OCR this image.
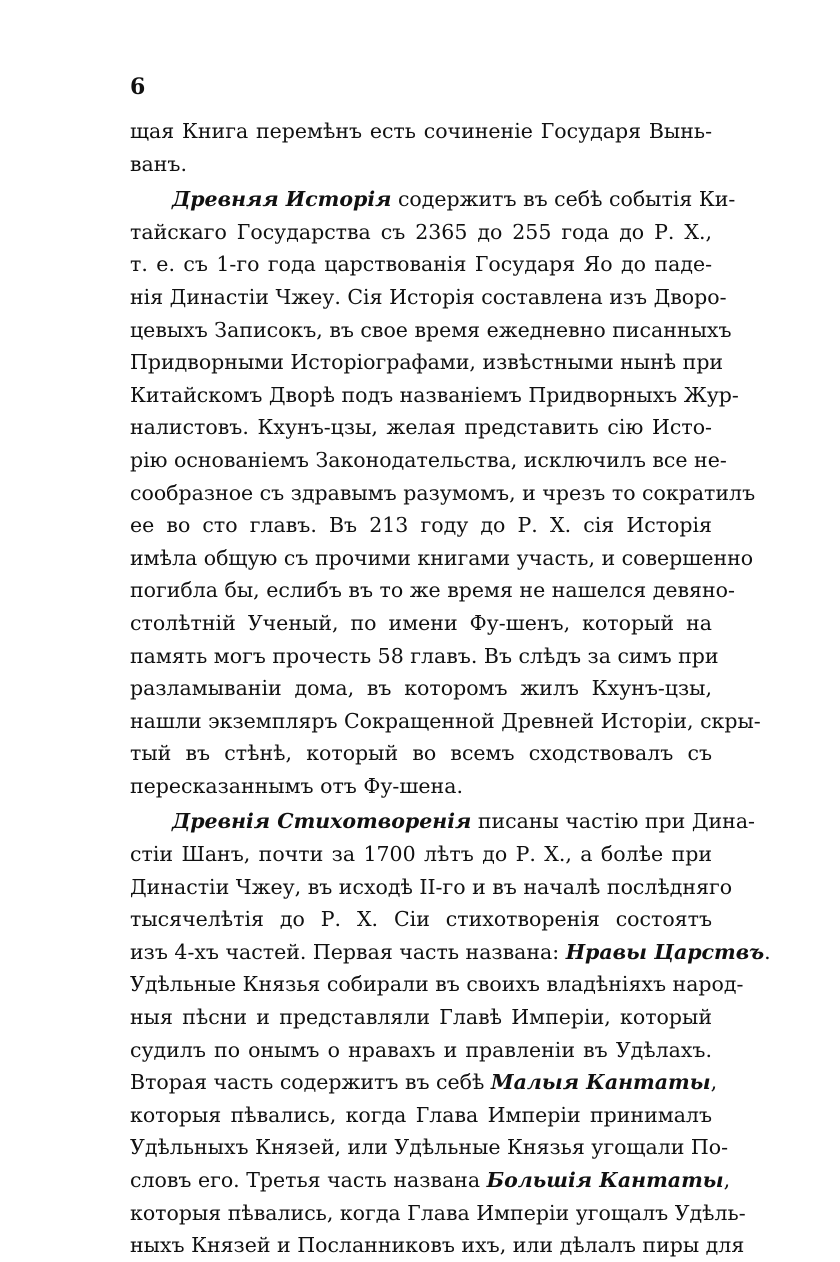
6
щая Книга перемѣнъ есть сочиненіе Государя Вынь-
ванъ.
Древняя Исторія содержитъ въ себѣ событія Ки-
тайскаго Государства съ 2365 до 255 года до Р. Х.,
т. е. съ 1-го года царствованія Государя Яо до паде-
нія Династіи Чжеу. Сія Исторія составлена изъ Дворо-
цевыхъ Записокъ, въ свое время ежедневно писанныхъ
Придворными Исторіографами, извѣстными нынѣ при
Китайскомъ Дворѣ подъ названіемъ Придворныхъ Жур-
налистовъ. Кхунъ-цзы, желая представить сію Исто-
рію основаніемъ Законодательства, исключилъ все не-
сообразное съ здравымъ разумомъ, и чрезъ то сократилъ
ее во сто главъ. Въ 213 году до Р. Х. сія Исторія
имѣла общую съ прочими книгами участь, и совершенно
погибла бы, еслибъ въ то же время не нашелся девяно-
столѣтній Ученый, по имени Фу-шенъ, который на
память могъ прочесть 58 главъ. Въ слѣдъ за симъ при
разламываніи дома, въ которомъ жилъ Кхунъ-цзы,
нашли экземпляръ Сокращенной Древней Исторіи, скры-
тый въ стѣнѣ, который во всемъ сходствовалъ съ
пересказаннымъ отъ Фу-шена.
Древнія Стихотворенія писаны частію при Дина-
стіи Шанъ, почти за 1700 лѣтъ до Р. Х., а болѣе при
Династіи Чжеу, въ исходѣ II-го и въ началѣ послѣдняго
тысячелѣтія до Р. Х. Сіи стихотворенія состоятъ
изъ 4-хъ частей. Первая часть названа: Нравы Царствъ.
Удѣльные Князья собирали въ своихъ владѣніяхъ народ-
ныя пѣсни и представляли Главѣ Имперіи, который
судилъ по онымъ о нравахъ и правленіи въ Удѣлахъ.
Вторая часть содержитъ въ себѣ Малыя Кантаты,
которыя пѣвались, когда Глава Имперіи принималъ
Удѣльныхъ Князей, или Удѣльные Князья угощали По-
словъ его. Третья часть названа Большія Кантаты,
которыя пѣвались, когда Глава Имперіи угощалъ Удѣль-
ныхъ Князей и Посланниковъ ихъ, или дѣлалъ пиры для
